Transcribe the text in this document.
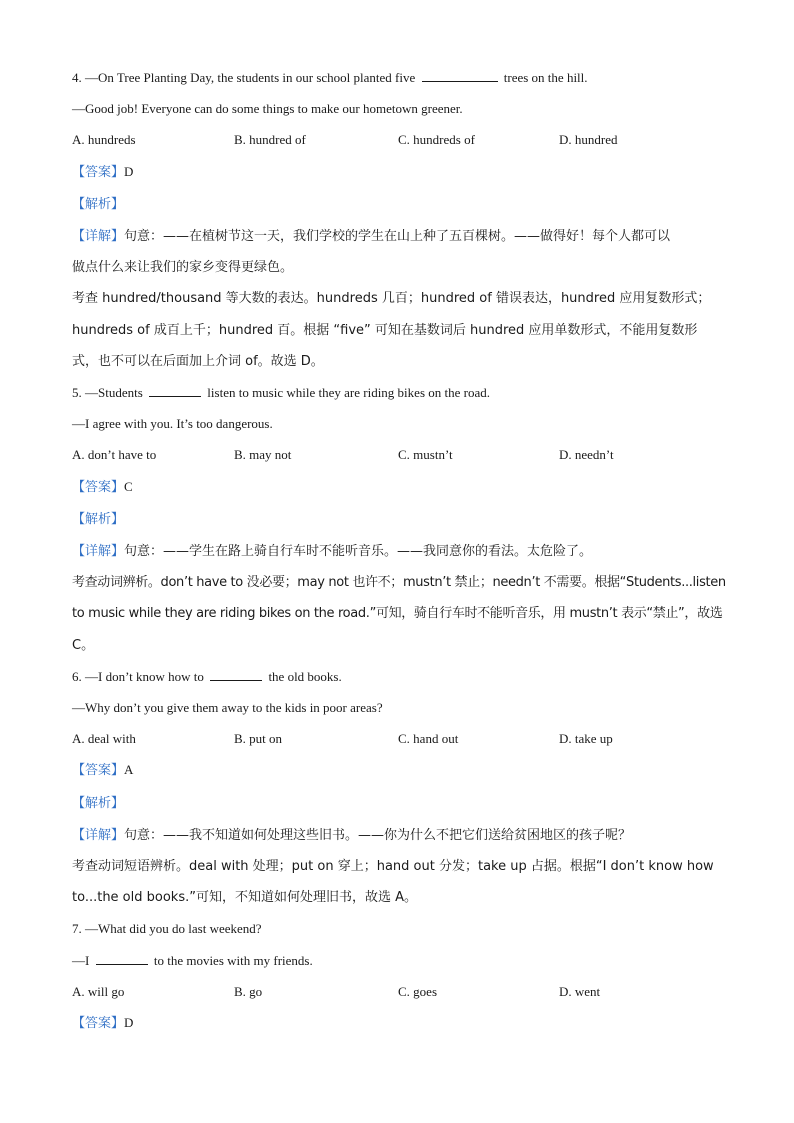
4. —On Tree Planting Day, the students in our school planted five	trees on the hill.
—Good job! Everyone can do some things to make our hometown greener.
A. hundreds	B. hundred of	C. hundreds of	D. hundred
【答案】D
【解析】
【详解】句意：——在植树节这一天，我们学校的学生在山上种了五百棵树。——做得好！每个人都可以
做点什么来让我们的家乡变得更绿色。
考查 hundred/thousand 等大数的表达。hundreds 几百；hundred of 错误表达，hundred 应用复数形式；
hundreds of 成百上千；hundred 百。根据 “five” 可知在基数词后 hundred 应用单数形式，不能用复数形
式，也不可以在后面加上介词 of。故选 D。
5. —Students	listen to music while they are riding bikes on the road.
—I agree with you. It’s too dangerous.
A. don’t have to	B. may not	C. mustn’t	D. needn’t
【答案】C
【解析】
【详解】句意：——学生在路上骑自行车时不能听音乐。——我同意你的看法。太危险了。
考查动词辨析。don’t have to 没必要；may not 也许不；mustn’t 禁止；needn’t 不需要。根据“Students...listen
to music while they are riding bikes on the road.”可知，骑自行车时不能听音乐，用 mustn’t 表示“禁止”，故选
C。
6. —I don’t know how to	the old books.
—Why don’t you give them away to the kids in poor areas?
A. deal with	B. put on	C. hand out	D. take up
【答案】A
【解析】
【详解】句意：——我不知道如何处理这些旧书。——你为什么不把它们送给贫困地区的孩子呢？
考查动词短语辨析。deal with 处理；put on 穿上；hand out 分发；take up 占据。根据“I don’t know how
to...the old books.”可知，不知道如何处理旧书，故选 A。
7. —What did you do last weekend?
—I	to the movies with my friends.
A. will go	B. go	C. goes	D. went
【答案】D
